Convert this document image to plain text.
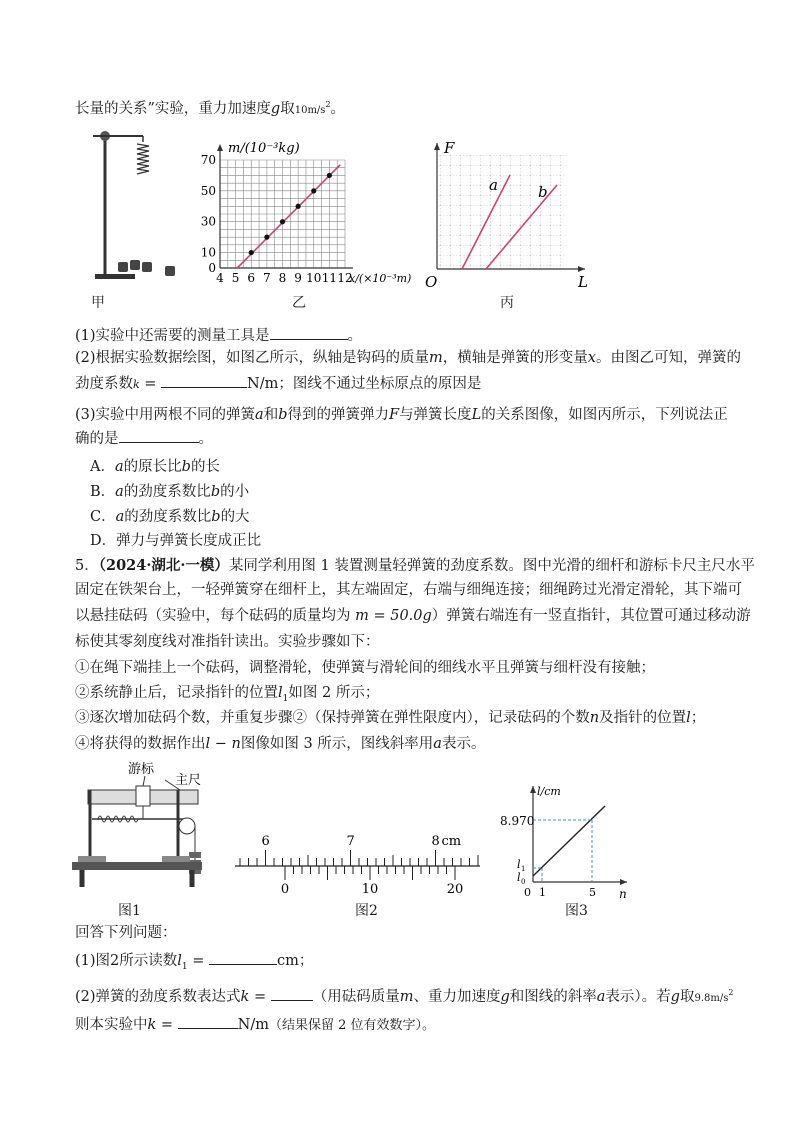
长量的关系”实验，重力加速度g取$10m/s^2$。
甲
0
10
30
50
70
4 5 6 7 8 9 10 11 12
m/(10⁻³kg)
x/(×10⁻³m)
乙
F
L
O
a	b
丙
(1)实验中还需要的测量工具是	。
(2)根据实验数据绘图，如图乙所示，纵轴是钩码的质量m，横轴是弹簧的形变量x。由图乙可知，弹簧的
劲度系数k =	N/m；图线不通过坐标原点的原因是
(3)实验中用两根不同的弹簧a和b得到的弹簧弹力F与弹簧长度L的关系图像，如图丙所示，下列说法正
确的是	。
A．a的原长比b的长
B．a的劲度系数比b的小
C．a的劲度系数比b的大
D．弹力与弹簧长度成正比
5．（2024·湖北·一模）某同学利用图 1 装置测量轻弹簧的劲度系数。图中光滑的细杆和游标卡尺主尺水平
固定在铁架台上，一轻弹簧穿在细杆上，其左端固定，右端与细绳连接；细绳跨过光滑定滑轮，其下端可
以悬挂砝码（实验中，每个砝码的质量均为 m = 50.0g）弹簧右端连有一竖直指针，其位置可通过移动游
标使其零刻度线对准指针读出。实验步骤如下：
①在绳下端挂上一个砝码，调整滑轮，使弹簧与滑轮间的细线水平且弹簧与细杆没有接触；
②系统静止后，记录指针的位置$l_1$如图 2 所示；
③逐次增加砝码个数，并重复步骤②（保持弹簧在弹性限度内），记录砝码的个数n及指针的位置l；
④将获得的数据作出l − n图像如图 3 所示，图线斜率用a表示。
游标
主尺
图1
6	7	8 cm
0	10	20
图2
l/cm
n
8.970
l 1
l 0
0 1	5
图3
回答下列问题：
(1)图2所示读数$l_1$ =	cm；
(2)弹簧的劲度系数表达式k =	（用砝码质量m、重力加速度g和图线的斜率a表示）。若g取$9.8m/s^2$
则本实验中k =	N/m（结果保留 2 位有效数字）。
